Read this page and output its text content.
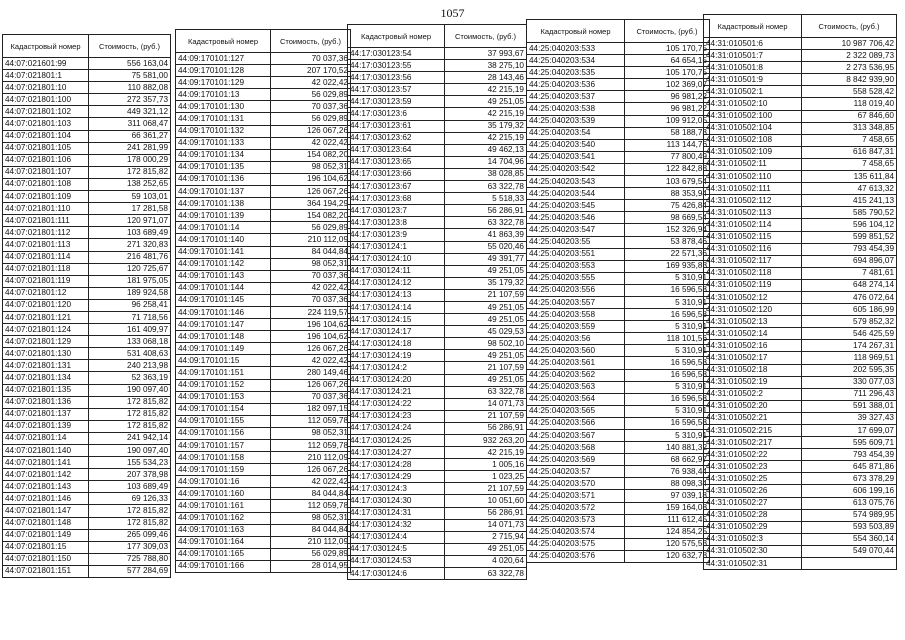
1057
Кадастровый номер	Стоимость, (руб.)
44:07:021601:99	556 163,04
44:07:021801:1	75 581,00
44:07:021801:10	110 882,08
44:07:021801:100	272 357,73
44:07:021801:102	449 321,12
44:07:021801:103	311 068,47
44:07:021801:104	66 361,27
44:07:021801:105	241 281,99
44:07:021801:106	178 000,29
44:07:021801:107	172 815,82
44:07:021801:108	138 252,65
44:07:021801:109	59 103,01
44:07:021801:110	17 281,58
44:07:021801:111	120 971,07
44:07:021801:112	103 689,49
44:07:021801:113	271 320,83
44:07:021801:114	216 481,76
44:07:021801:118	120 725,67
44:07:021801:119	181 975,05
44:07:021801:12	189 924,58
44:07:021801:120	96 258,41
44:07:021801:121	71 718,56
44:07:021801:124	161 409,97
44:07:021801:129	133 068,18
44:07:021801:130	531 408,63
44:07:021801:131	240 213,98
44:07:021801:134	52 363,19
44:07:021801:135	190 097,40
44:07:021801:136	172 815,82
44:07:021801:137	172 815,82
44:07:021801:139	172 815,82
44:07:021801:14	241 942,14
44:07:021801:140	190 097,40
44:07:021801:141	155 534,23
44:07:021801:142	207 378,98
44:07:021801:143	103 689,49
44:07:021801:146	69 126,33
44:07:021801:147	172 815,82
44:07:021801:148	172 815,82
44:07:021801:149	265 099,46
44:07:021801:15	177 309,03
44:07:021801:150	725 788,80
44:07:021801:151	577 284,69
Кадастровый номер	Стоимость, (руб.)
44:09:170101:127	70 037,36
44:09:170101:128	207 170,52
44:09:170101:129	42 022,42
44:09:170101:13	56 029,89
44:09:170101:130	70 037,36
44:09:170101:131	56 029,89
44:09:170101:132	126 067,26
44:09:170101:133	42 022,42
44:09:170101:134	154 082,20
44:09:170101:135	98 052,31
44:09:170101:136	196 104,62
44:09:170101:137	126 067,26
44:09:170101:138	364 194,29
44:09:170101:139	154 082,20
44:09:170101:14	56 029,89
44:09:170101:140	210 112,09
44:09:170101:141	84 044,84
44:09:170101:142	98 052,31
44:09:170101:143	70 037,36
44:09:170101:144	42 022,42
44:09:170101:145	70 037,36
44:09:170101:146	224 119,57
44:09:170101:147	196 104,62
44:09:170101:148	196 104,62
44:09:170101:149	126 067,26
44:09:170101:15	42 022,42
44:09:170101:151	280 149,46
44:09:170101:152	126 067,26
44:09:170101:153	70 037,36
44:09:170101:154	182 097,15
44:09:170101:155	112 059,78
44:09:170101:156	98 052,31
44:09:170101:157	112 059,78
44:09:170101:158	210 112,09
44:09:170101:159	126 067,26
44:09:170101:16	42 022,42
44:09:170101:160	84 044,84
44:09:170101:161	112 059,78
44:09:170101:162	98 052,31
44:09:170101:163	84 044,84
44:09:170101:164	210 112,09
44:09:170101:165	56 029,89
44:09:170101:166	28 014,95
Кадастровый номер	Стоимость, (руб.)
44:17:030123:54	37 993,67
44:17:030123:55	38 275,10
44:17:030123:56	28 143,46
44:17:030123:57	42 215,19
44:17:030123:59	49 251,05
44:17:030123:6	42 215,19
44:17:030123:61	35 179,32
44:17:030123:62	42 215,19
44:17:030123:64	49 462,13
44:17:030123:65	14 704,96
44:17:030123:66	38 028,85
44:17:030123:67	63 322,78
44:17:030123:68	5 518,33
44:17:030123:7	56 286,91
44:17:030123:8	63 322,78
44:17:030123:9	41 863,39
44:17:030124:1	55 020,46
44:17:030124:10	49 391,77
44:17:030124:11	49 251,05
44:17:030124:12	35 179,32
44:17:030124:13	21 107,59
44:17:030124:14	49 251,05
44:17:030124:15	49 251,05
44:17:030124:17	45 029,53
44:17:030124:18	98 502,10
44:17:030124:19	49 251,05
44:17:030124:2	21 107,59
44:17:030124:20	49 251,05
44:17:030124:21	63 322,78
44:17:030124:22	14 071,73
44:17:030124:23	21 107,59
44:17:030124:24	56 286,91
44:17:030124:25	932 263,20
44:17:030124:27	42 215,19
44:17:030124:28	1 005,16
44:17:030124:29	1 023,25
44:17:030124:3	21 107,59
44:17:030124:30	10 051,60
44:17:030124:31	56 286,91
44:17:030124:32	14 071,73
44:17:030124:4	2 715,94
44:17:030124:5	49 251,05
44:17:030124:53	4 020,64
44:17:030124:6	63 322,78
Кадастровый номер	Стоимость, (руб.)
44:25:040203:533	105 170,75
44:25:040203:534	64 654,15
44:25:040203:535	105 170,75
44:25:040203:536	102 369,07
44:25:040203:537	96 981,22
44:25:040203:538	96 981,22
44:25:040203:539	109 912,05
44:25:040203:54	58 188,73
44:25:040203:540	113 144,76
44:25:040203:541	77 800,49
44:25:040203:542	122 842,88
44:25:040203:543	103 679,54
44:25:040203:544	88 353,94
44:25:040203:545	75 426,84
44:25:040203:546	98 669,54
44:25:040203:547	152 326,94
44:25:040203:55	53 878,46
44:25:040203:551	22 571,36
44:25:040203:553	169 935,83
44:25:040203:555	5 310,91
44:25:040203:556	16 596,58
44:25:040203:557	5 310,91
44:25:040203:558	16 596,58
44:25:040203:559	5 310,91
44:25:040203:56	118 101,56
44:25:040203:560	5 310,91
44:25:040203:561	16 596,58
44:25:040203:562	16 596,58
44:25:040203:563	5 310,91
44:25:040203:564	16 596,58
44:25:040203:565	5 310,91
44:25:040203:566	16 596,58
44:25:040203:567	5 310,91
44:25:040203:568	140 881,32
44:25:040203:569	68 662,97
44:25:040203:57	76 938,44
44:25:040203:570	88 098,34
44:25:040203:571	97 039,18
44:25:040203:572	159 164,08
44:25:040203:573	111 612,45
44:25:040203:574	124 854,25
44:25:040203:575	120 575,53
44:25:040203:576	120 632,78
Кадастровый номер	Стоимость, (руб.)
44:31:010501:6	10 987 706,42
44:31:010501:7	2 322 089,73
44:31:010501:8	2 273 536,95
44:31:010501:9	8 842 939,90
44:31:010502:1	558 528,42
44:31:010502:10	118 019,40
44:31:010502:100	67 846,60
44:31:010502:104	313 348,85
44:31:010502:108	7 458,65
44:31:010502:109	616 847,31
44:31:010502:11	7 458,65
44:31:010502:110	135 611,84
44:31:010502:111	47 613,32
44:31:010502:112	415 241,13
44:31:010502:113	585 790,52
44:31:010502:114	596 104,12
44:31:010502:115	599 851,52
44:31:010502:116	793 454,39
44:31:010502:117	694 896,07
44:31:010502:118	7 481,61
44:31:010502:119	648 274,14
44:31:010502:12	476 072,64
44:31:010502:120	605 186,99
44:31:010502:13	579 852,32
44:31:010502:14	546 425,59
44:31:010502:16	174 267,31
44:31:010502:17	118 969,51
44:31:010502:18	202 595,35
44:31:010502:19	330 077,03
44:31:010502:2	711 296,43
44:31:010502:20	591 388,01
44:31:010502:21	39 327,43
44:31:010502:215	17 699,07
44:31:010502:217	595 609,71
44:31:010502:22	793 454,39
44:31:010502:23	645 871,86
44:31:010502:25	673 378,29
44:31:010502:26	606 199,16
44:31:010502:27	613 075,76
44:31:010502:28	574 989,95
44:31:010502:29	593 503,89
44:31:010502:3	554 360,14
44:31:010502:30	549 070,44
44:31:010502:31	
